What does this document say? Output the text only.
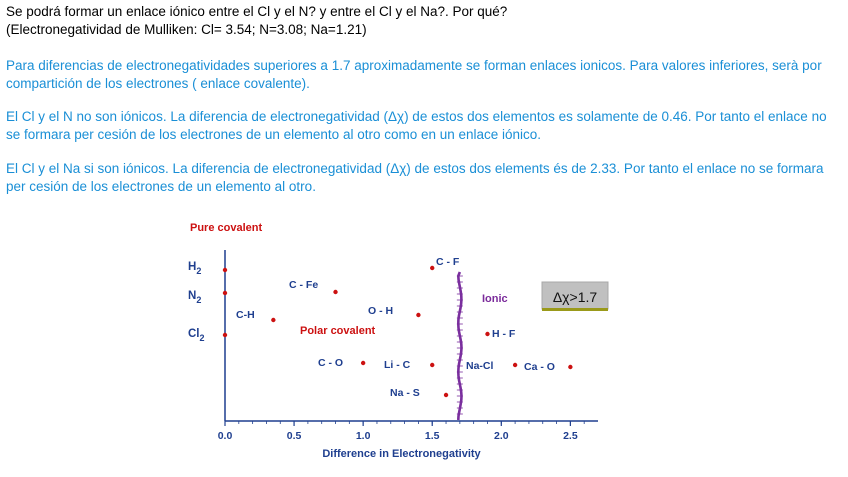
Se podrá formar un enlace iónico entre el Cl y el N? y entre el Cl y el Na?. Por qué?
(Electronegatividad de Mulliken: Cl= 3.54; N=3.08; Na=1.21)
Para diferencias de electronegatividades superiores a 1.7 aproximadamente se forman enlaces ionicos. Para valores inferiores, serà por compartición de los electrones ( enlace covalente).
El Cl y el N no son iónicos. La diferencia de electronegatividad (Δχ) de estos dos elementos es solamente de 0.46. Por tanto el enlace no se formara per cesión de los electrones de un elemento al otro como en un enlace iónico.
El Cl y el Na si son iónicos. La diferencia de electronegatividad (Δχ) de estos dos elements és de 2.33. Por tanto el enlace no se formara per cesión de los electrones de un elemento al otro.
0.0	0.5	1.0	1.5	2.0	2.5
Difference in Electronegativity
Pure covalent
Polar covalent
Ionic	Δχ>1.7
$H_2$
$N_2$
$Cl_2$
C - F
C - Fe
C-H	O - H
H - F
C - O	Li - C	Na-Cl	Ca - O
Na - S
